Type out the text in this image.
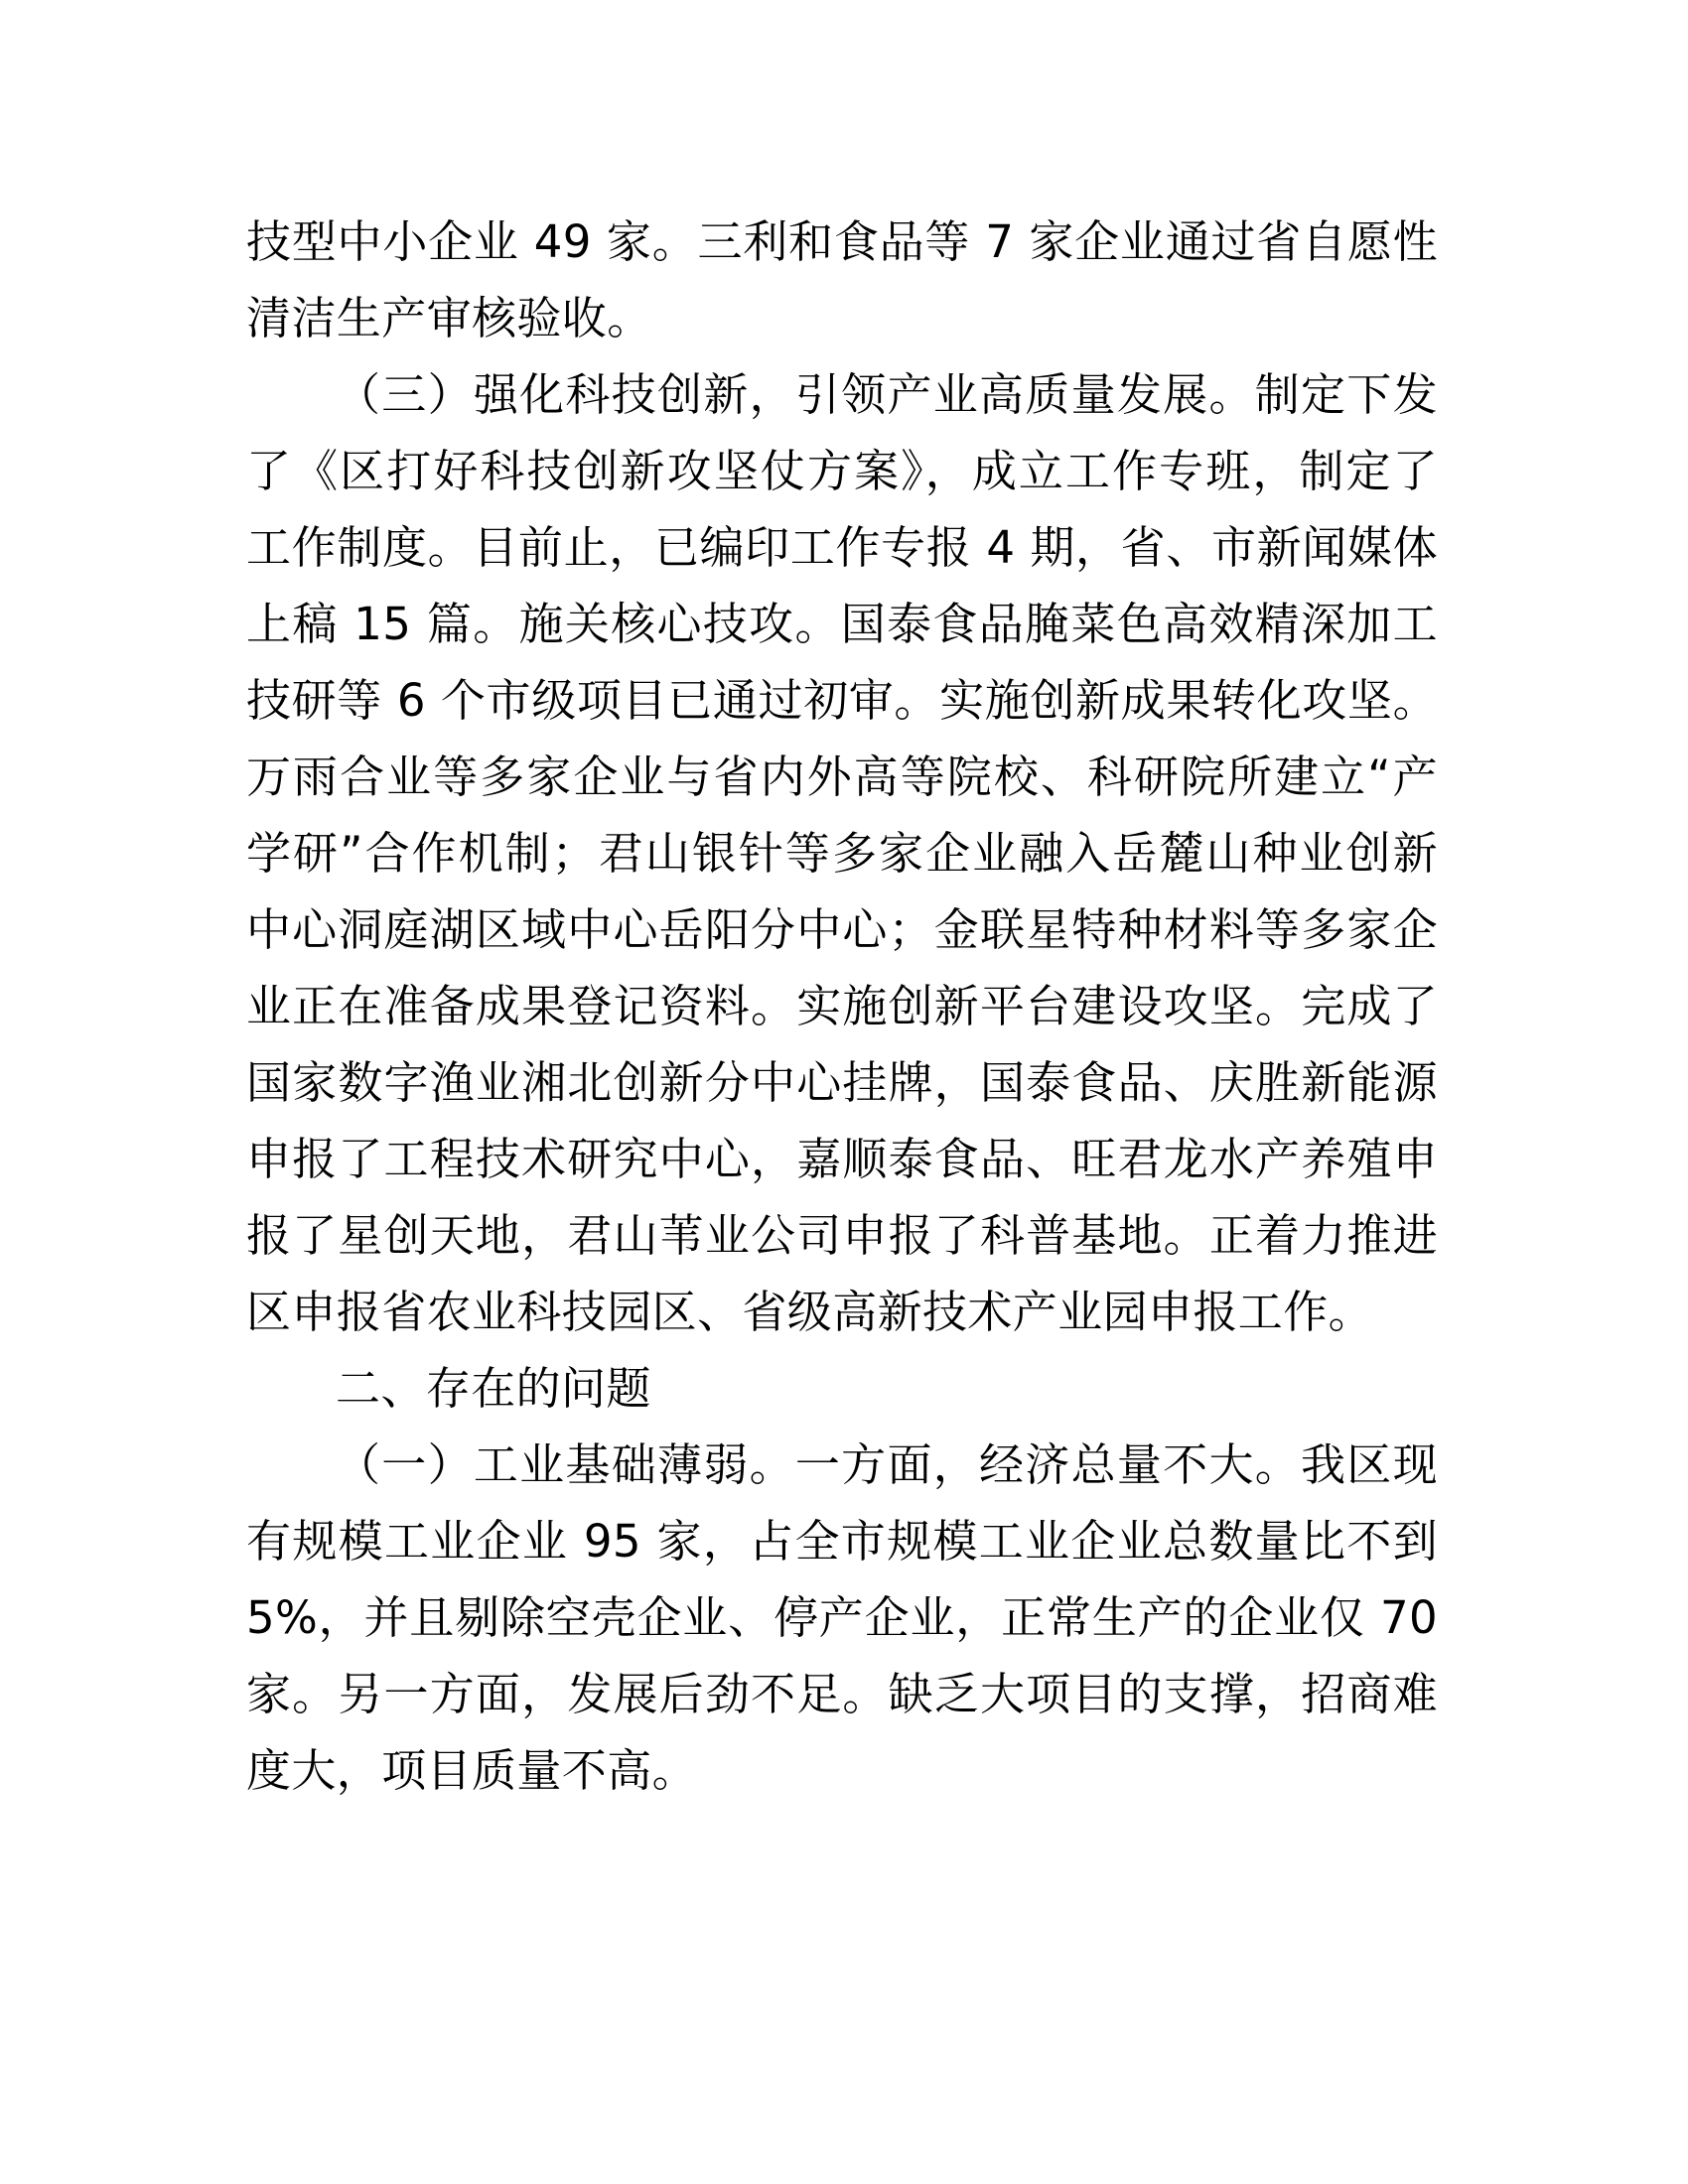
技型中小企业 49 家。三利和食品等 7 家企业通过省自愿性清洁生产审核验收。

（三）强化科技创新，引领产业高质量发展。制定下发了《区打好科技创新攻坚仗方案》，成立工作专班，制定了工作制度。目前止，已编印工作专报 4 期，省、市新闻媒体上稿 15 篇。施关核心技攻。国泰食品腌菜色高效精深加工技研等 6 个市级项目已通过初审。实施创新成果转化攻坚。万雨合业等多家企业与省内外高等院校、科研院所建立“产学研”合作机制；君山银针等多家企业融入岳麓山种业创新中心洞庭湖区域中心岳阳分中心；金联星特种材料等多家企业正在准备成果登记资料。实施创新平台建设攻坚。完成了国家数字渔业湘北创新分中心挂牌，国泰食品、庆胜新能源申报了工程技术研究中心，嘉顺泰食品、旺君龙水产养殖申报了星创天地，君山苇业公司申报了科普基地。正着力推进区申报省农业科技园区、省级高新技术产业园申报工作。

二、存在的问题

（一）工业基础薄弱。一方面，经济总量不大。我区现有规模工业企业 95 家，占全市规模工业企业总数量比不到 5%，并且剔除空壳企业、停产企业，正常生产的企业仅 70 家。另一方面，发展后劲不足。缺乏大项目的支撑，招商难度大，项目质量不高。
